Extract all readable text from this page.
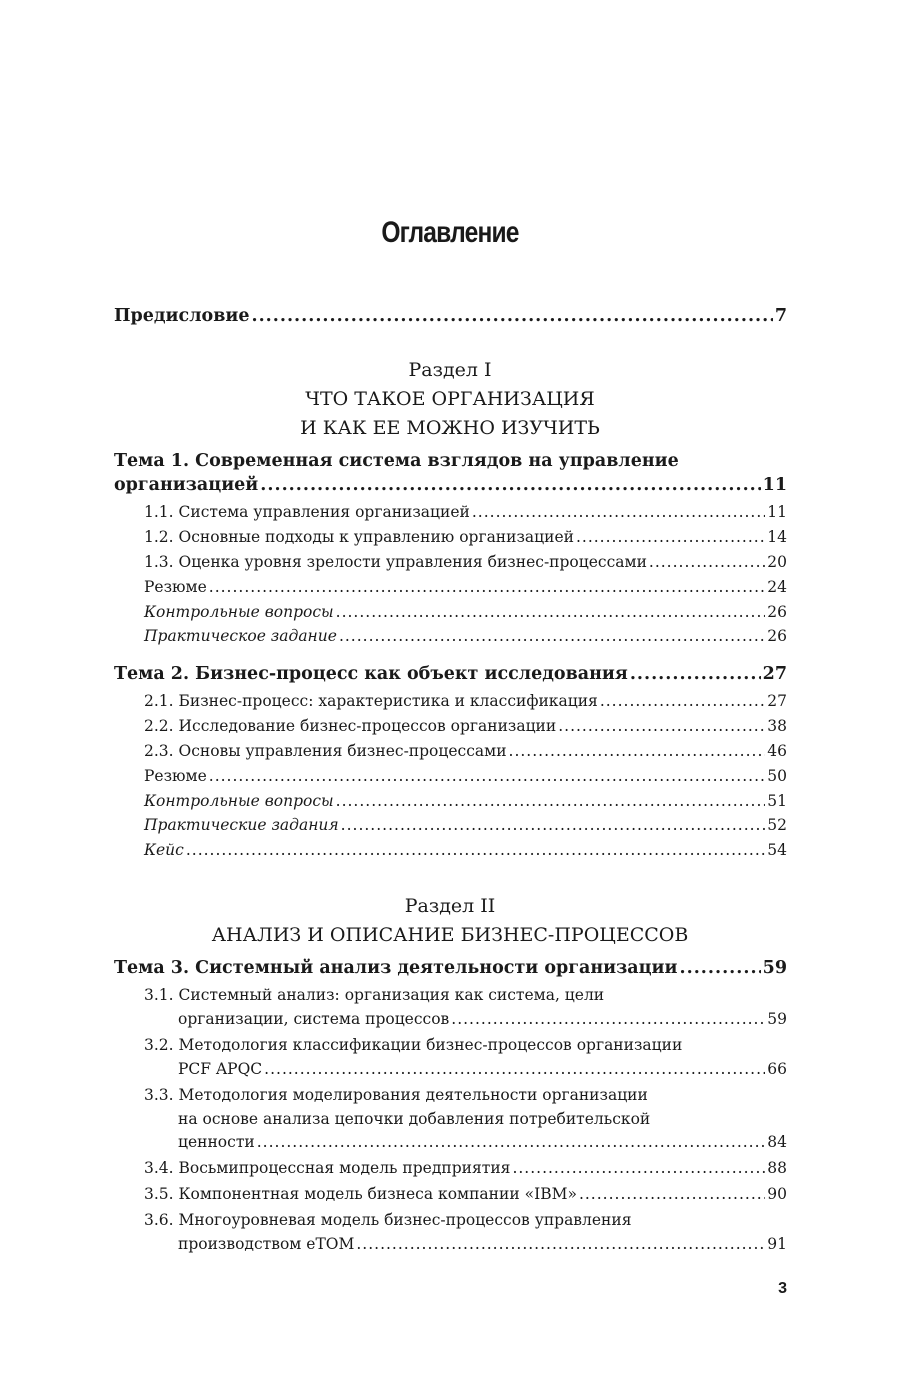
Оглавление
Предисловие .....	7
Раздел I
ЧТО ТАКОЕ ОРГАНИЗАЦИЯ
И КАК ЕЕ МОЖНО ИЗУЧИТЬ
Тема 1. Современная система взглядов на управление
организацией .....	11
1.1. Система управления организацией .....	11
1.2. Основные подходы к управлению организацией .....	14
1.3. Оценка уровня зрелости управления бизнес-процессами .....	20
Резюме .....	24
Контрольные вопросы .....	26
Практическое задание .....	26
Тема 2. Бизнес-процесс как объект исследования .....	27
2.1. Бизнес-процесс: характеристика и классификация .....	27
2.2. Исследование бизнес-процессов организации .....	38
2.3. Основы управления бизнес-процессами .....	46
Резюме .....	50
Контрольные вопросы .....	51
Практические задания .....	52
Кейс .....	54
Раздел II
АНАЛИЗ И ОПИСАНИЕ БИЗНЕС-ПРОЦЕССОВ
Тема 3. Системный анализ деятельности организации .....	59
3.1. Системный анализ: организация как система, цели
организации, система процессов .....	59
3.2. Методология классификации бизнес-процессов организации
PCF APQC .....	66
3.3. Методология моделирования деятельности организации
на основе анализа цепочки добавления потребительской
ценности .....	84
3.4. Восьмипроцессная модель предприятия .....	88
3.5. Компонентная модель бизнеса компании «IBM» .....	90
3.6. Многоуровневая модель бизнес-процессов управления
производством eTOM .....	91
3
